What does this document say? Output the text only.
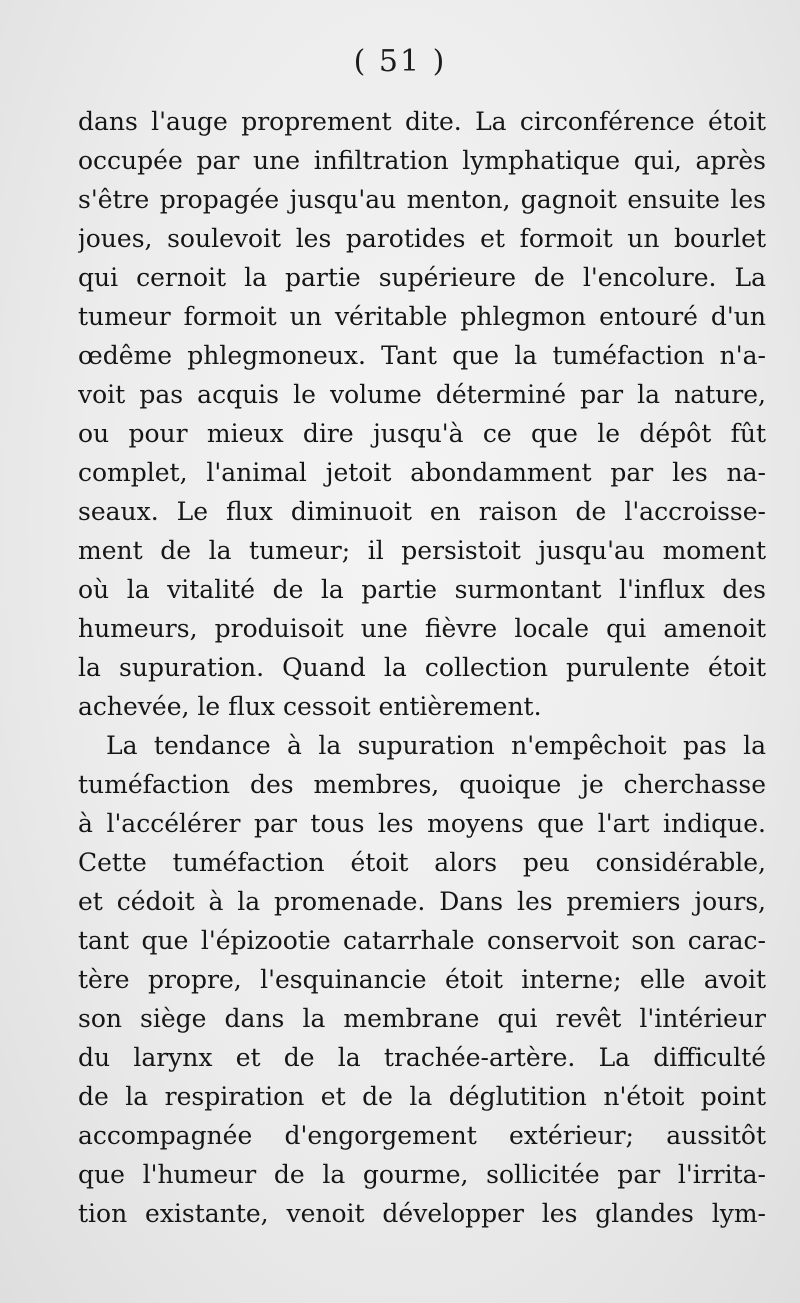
( 51 )
dans l'auge proprement dite. La circonférence étoit
occupée par une infiltration lymphatique qui, après
s'être propagée jusqu'au menton, gagnoit ensuite les
joues, soulevoit les parotides et formoit un bourlet
qui cernoit la partie supérieure de l'encolure. La
tumeur formoit un véritable phlegmon entouré d'un
œdême phlegmoneux. Tant que la tuméfaction n'a-
voit pas acquis le volume déterminé par la nature,
ou pour mieux dire jusqu'à ce que le dépôt fût
complet, l'animal jetoit abondamment par les na-
seaux. Le flux diminuoit en raison de l'accroisse-
ment de la tumeur; il persistoit jusqu'au moment
où la vitalité de la partie surmontant l'influx des
humeurs, produisoit une fièvre locale qui amenoit
la supuration. Quand la collection purulente étoit
achevée, le flux cessoit entièrement.
La tendance à la supuration n'empêchoit pas la
tuméfaction des membres, quoique je cherchasse
à l'accélérer par tous les moyens que l'art indique.
Cette tuméfaction étoit alors peu considérable,
et cédoit à la promenade. Dans les premiers jours,
tant que l'épizootie catarrhale conservoit son carac-
tère propre, l'esquinancie étoit interne; elle avoit
son siège dans la membrane qui revêt l'intérieur
du larynx et de la trachée-artère. La difficulté
de la respiration et de la déglutition n'étoit point
accompagnée d'engorgement extérieur; aussitôt
que l'humeur de la gourme, sollicitée par l'irrita-
tion existante, venoit développer les glandes lym-
